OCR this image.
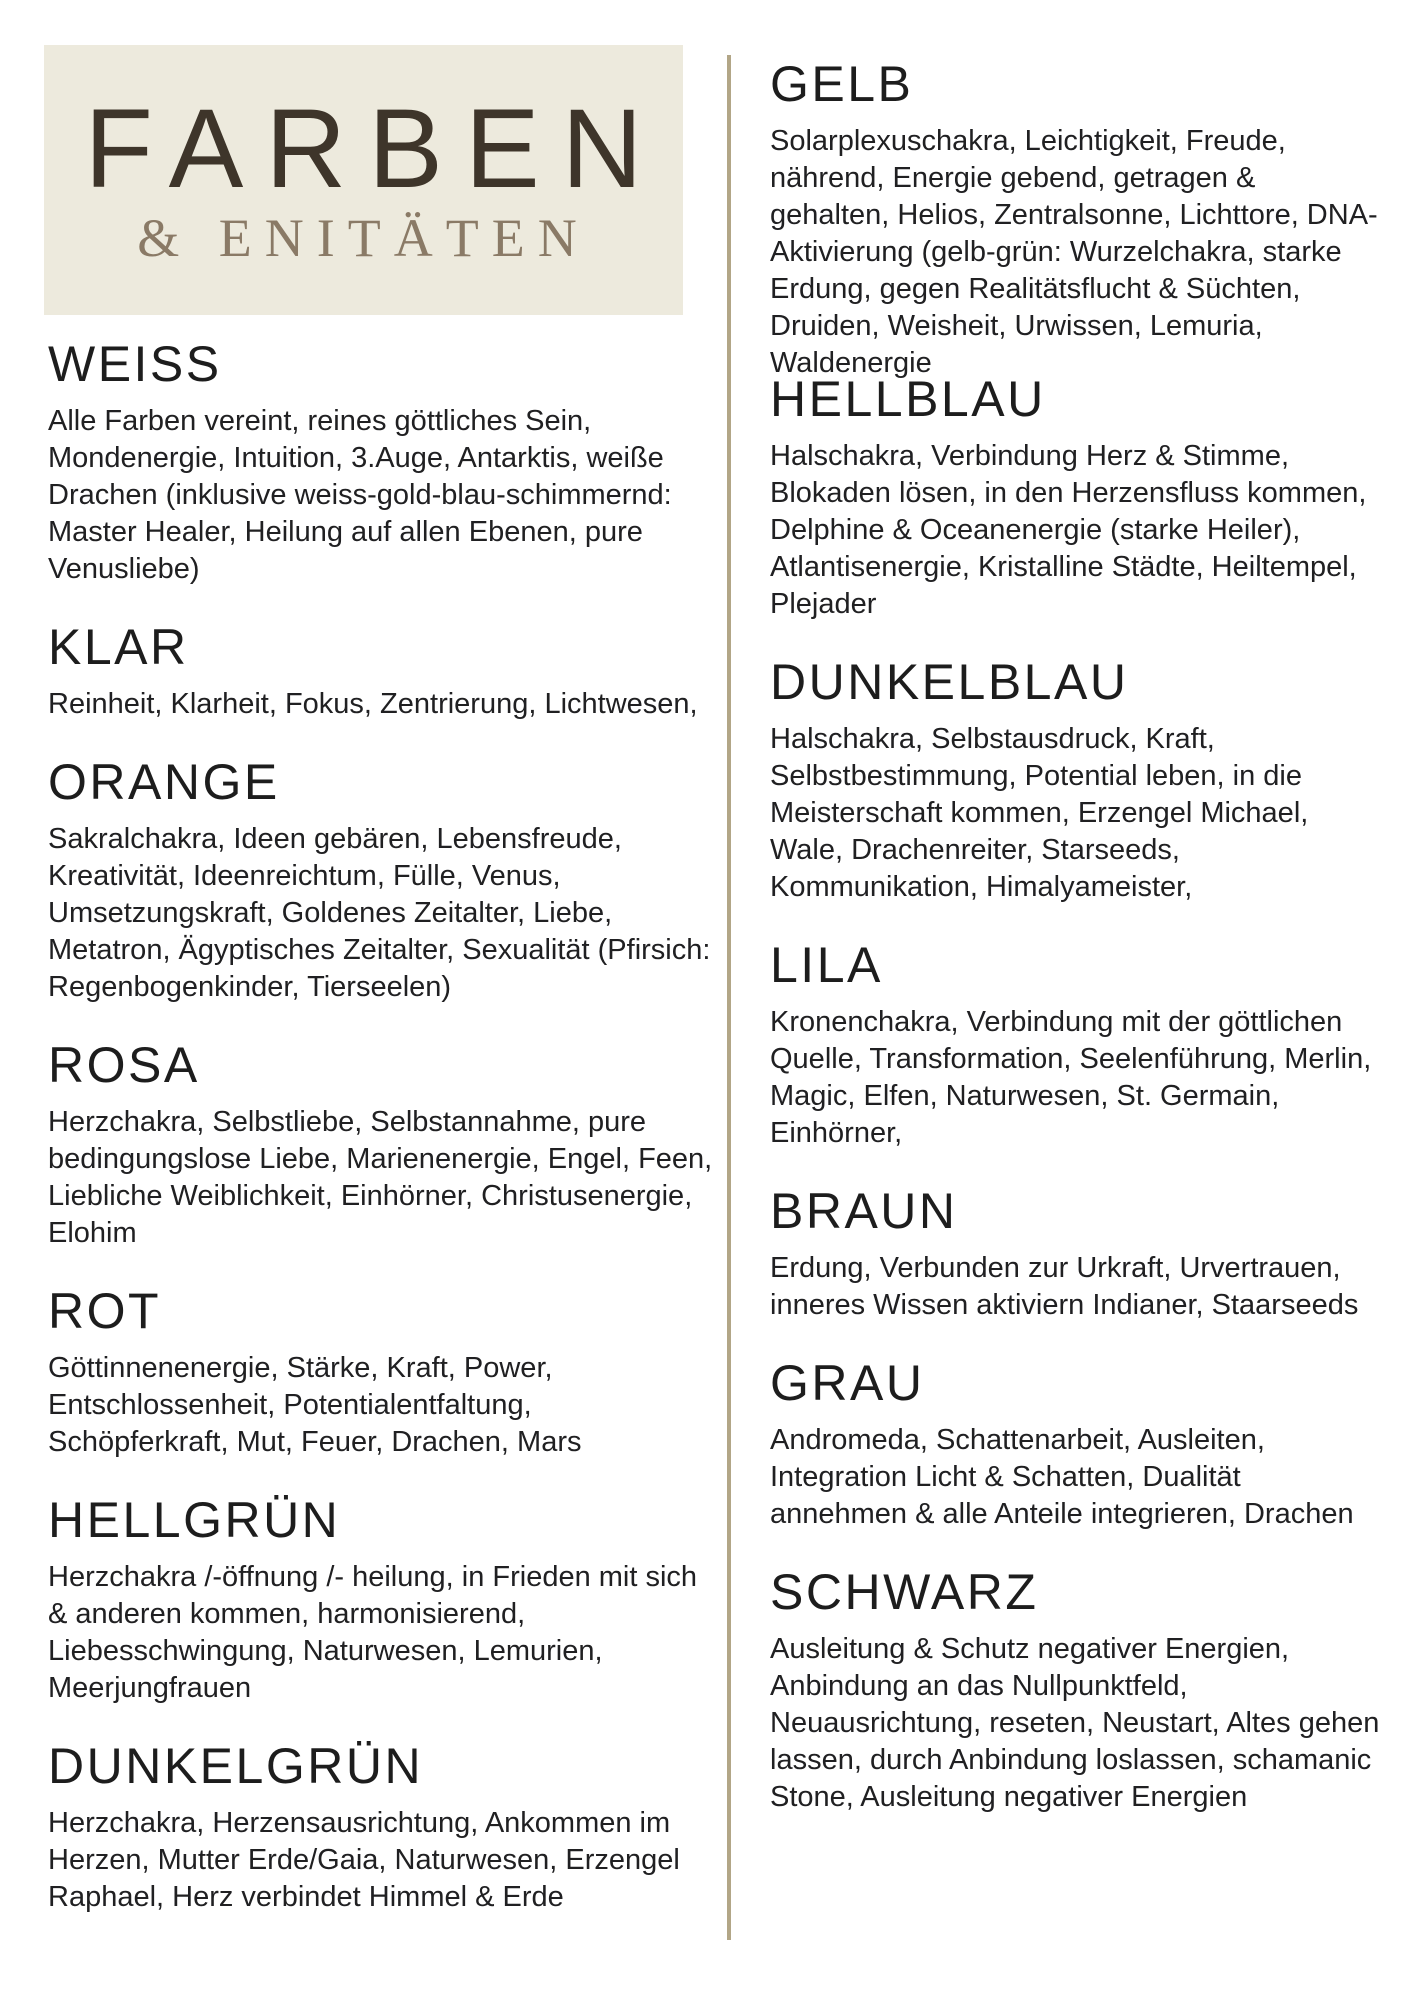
FARBEN
& ENITÄTEN
WEISS

Alle Farben vereint, reines göttliches Sein, Mondenergie, Intuition, 3.Auge, Antarktis, weiße Drachen (inklusive weiss-gold-blau-schimmernd: Master Healer, Heilung auf allen Ebenen, pure Venusliebe)

KLAR

Reinheit, Klarheit, Fokus, Zentrierung, Lichtwesen,

ORANGE

Sakralchakra, Ideen gebären, Lebensfreude, Kreativität, Ideenreichtum, Fülle, Venus, Umsetzungskraft, Goldenes Zeitalter, Liebe, Metatron, Ägyptisches Zeitalter, Sexualität (Pfirsich: Regenbogenkinder, Tierseelen)

ROSA

Herzchakra, Selbstliebe, Selbstannahme, pure bedingungslose Liebe, Marienenergie, Engel, Feen, Liebliche Weiblichkeit, Einhörner, Christusenergie, Elohim

ROT

Göttinnenenergie, Stärke, Kraft, Power, Entschlossenheit, Potentialentfaltung, Schöpferkraft, Mut, Feuer, Drachen, Mars

HELLGRÜN

Herzchakra /-öffnung /- heilung, in Frieden mit sich & anderen kommen, harmonisierend, Liebesschwingung, Naturwesen, Lemurien, Meerjungfrauen

DUNKELGRÜN

Herzchakra, Herzensausrichtung, Ankommen im Herzen, Mutter Erde/Gaia, Naturwesen, Erzengel Raphael, Herz verbindet Himmel & Erde

GELB

Solarplexuschakra, Leichtigkeit, Freude, nährend, Energie gebend, getragen & gehalten, Helios, Zentralsonne, Lichttore, DNA-Aktivierung (gelb-grün: Wurzelchakra, starke Erdung, gegen Realitätsflucht & Süchten, Druiden, Weisheit, Urwissen, Lemuria, Waldenergie

HELLBLAU

Halschakra, Verbindung Herz & Stimme, Blokaden lösen, in den Herzensfluss kommen, Delphine & Oceanenergie (starke Heiler), Atlantisenergie, Kristalline Städte, Heiltempel, Plejader

DUNKELBLAU

Halschakra, Selbstausdruck, Kraft, Selbstbestimmung, Potential leben, in die Meisterschaft kommen, Erzengel Michael, Wale, Drachenreiter, Starseeds, Kommunikation, Himalyameister,

LILA

Kronenchakra, Verbindung mit der göttlichen Quelle, Transformation, Seelenführung, Merlin, Magic, Elfen, Naturwesen, St. Germain, Einhörner,

BRAUN

Erdung, Verbunden zur Urkraft, Urvertrauen, inneres Wissen aktiviern Indianer, Staarseeds

GRAU

Andromeda, Schattenarbeit, Ausleiten, Integration Licht & Schatten, Dualität annehmen & alle Anteile integrieren, Drachen

SCHWARZ

Ausleitung & Schutz negativer Energien, Anbindung an das Nullpunktfeld, Neuausrichtung, reseten, Neustart, Altes gehen lassen, durch Anbindung loslassen, schamanic Stone, Ausleitung negativer Energien
